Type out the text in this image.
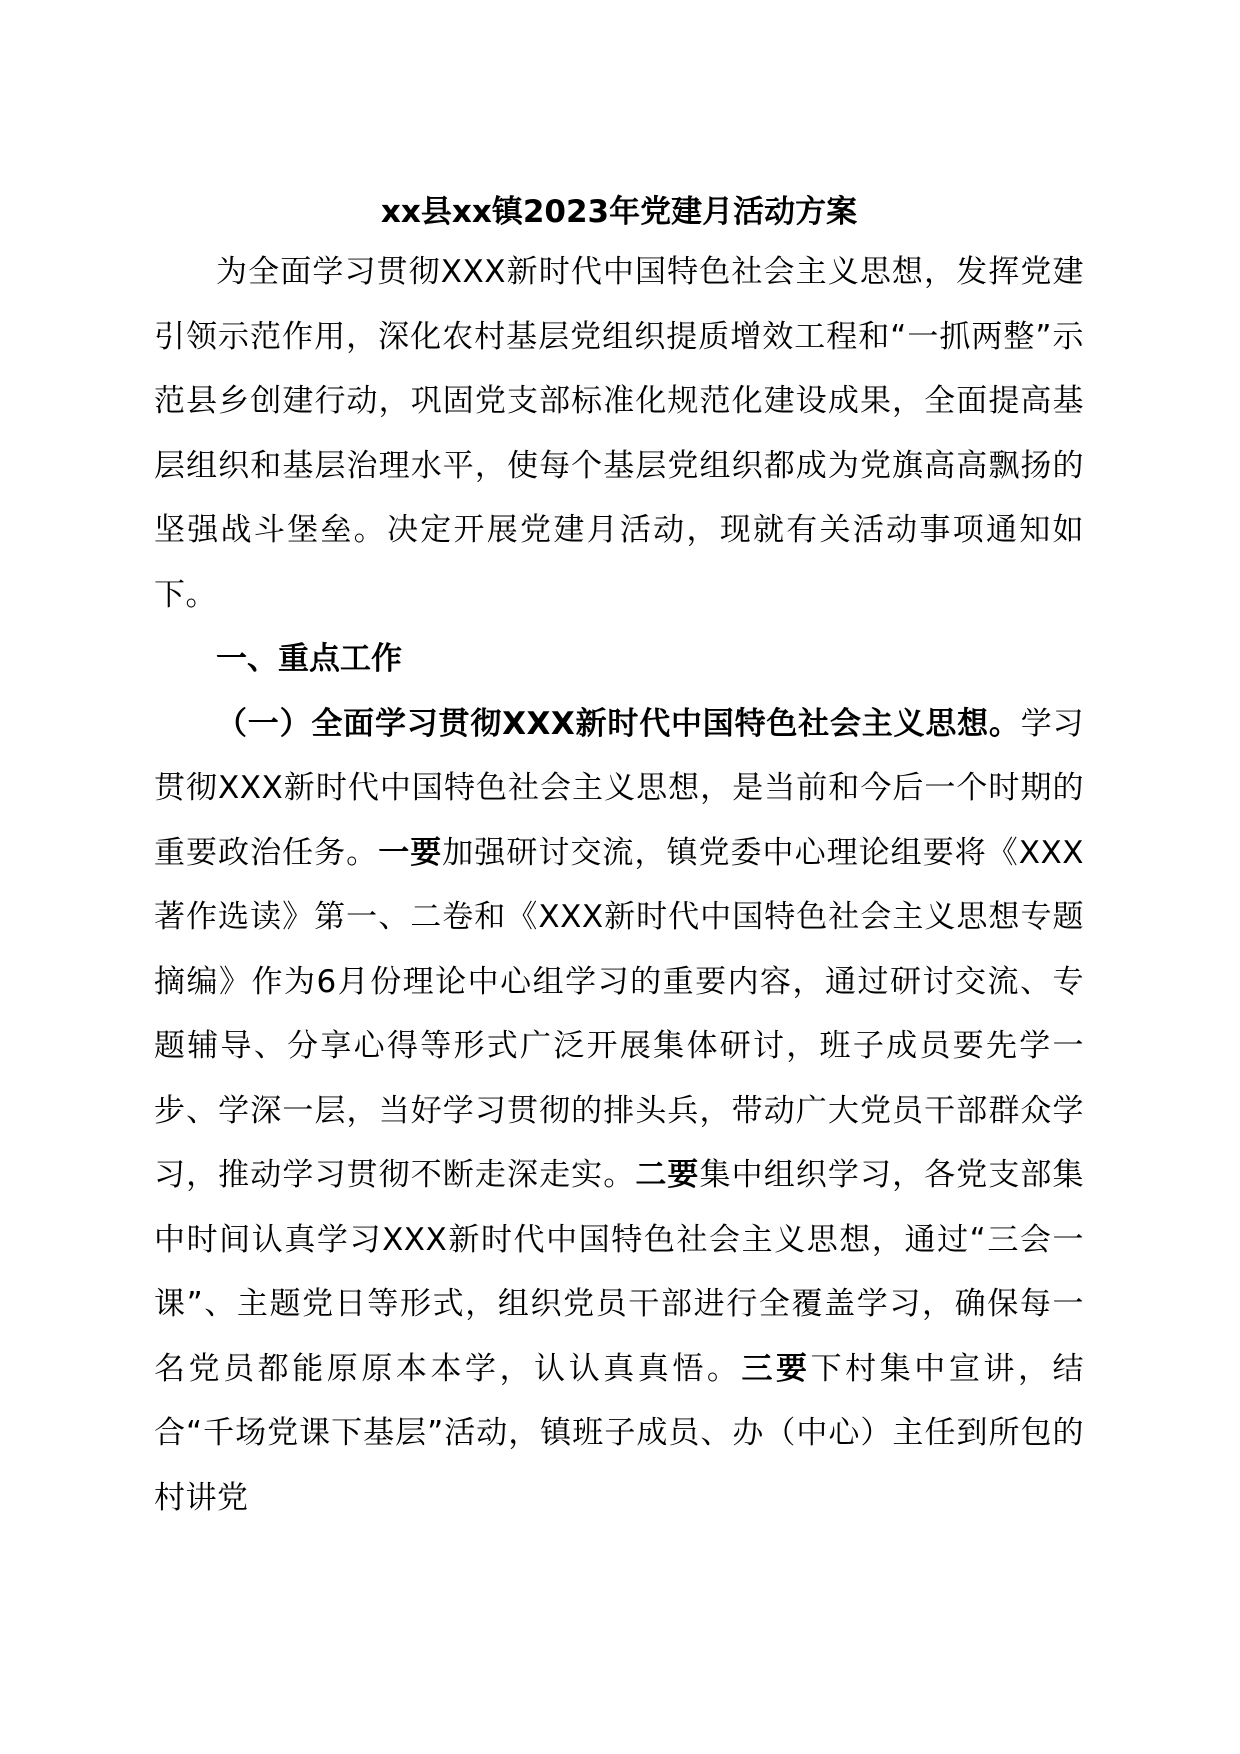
xx县xx镇2023年党建月活动方案

为全面学习贯彻XXX新时代中国特色社会主义思想，发挥党建引领示范作用，深化农村基层党组织提质增效工程和“一抓两整”示范县乡创建行动，巩固党支部标准化规范化建设成果，全面提高基层组织和基层治理水平，使每个基层党组织都成为党旗高高飘扬的坚强战斗堡垒。决定开展党建月活动，现就有关活动事项通知如下。

一、重点工作

（一）全面学习贯彻XXX新时代中国特色社会主义思想。学习贯彻XXX新时代中国特色社会主义思想，是当前和今后一个时期的重要政治任务。一要加强研讨交流，镇党委中心理论组要将《XXX著作选读》第一、二卷和《XXX新时代中国特色社会主义思想专题摘编》作为6月份理论中心组学习的重要内容，通过研讨交流、专题辅导、分享心得等形式广泛开展集体研讨，班子成员要先学一步、学深一层，当好学习贯彻的排头兵，带动广大党员干部群众学习，推动学习贯彻不断走深走实。二要集中组织学习，各党支部集中时间认真学习XXX新时代中国特色社会主义思想，通过“三会一课”、主题党日等形式，组织党员干部进行全覆盖学习，确保每一名党员都能原原本本学，认认真真悟。三要下村集中宣讲，结合“千场党课下基层”活动，镇班子成员、办（中心）主任到所包的村讲党
